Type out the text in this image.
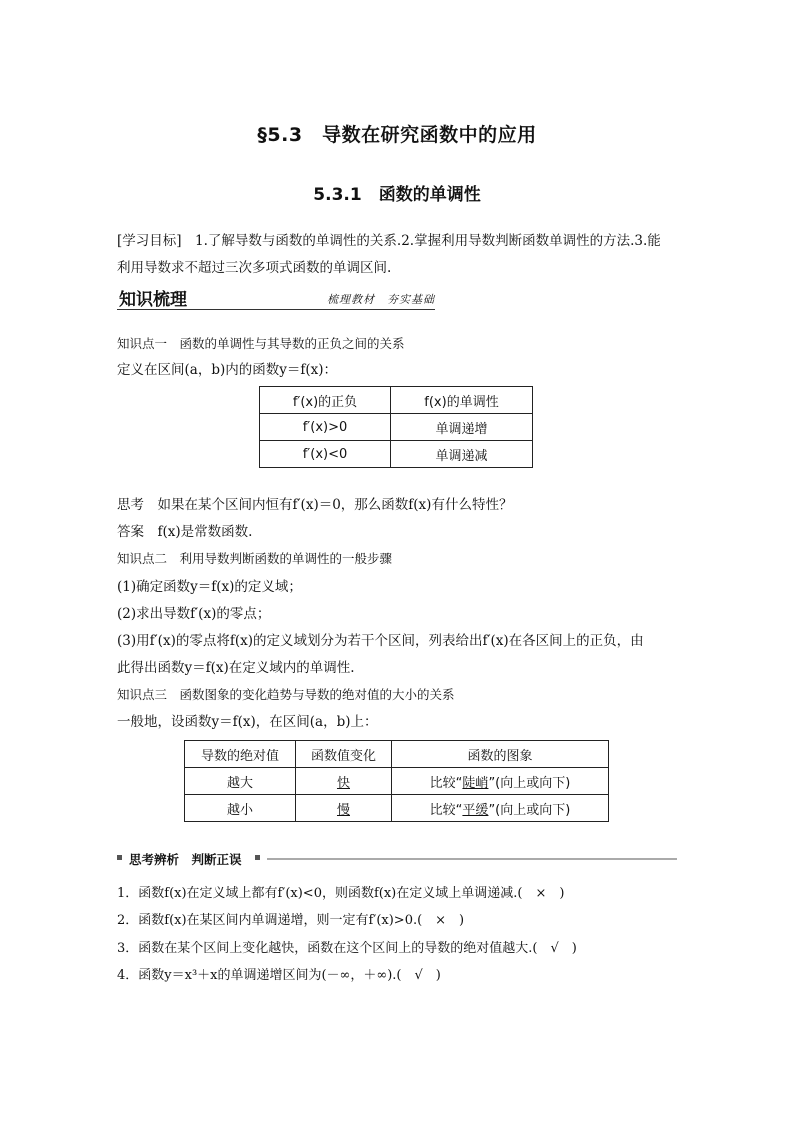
§5.3　导数在研究函数中的应用
5.3.1　函数的单调性
[学习目标]　1.了解导数与函数的单调性的关系.2.掌握利用导数判断函数单调性的方法.3.能
利用导数求不超过三次多项式函数的单调区间.
知识梳理	梳理教材　夯实基础
知识点一　函数的单调性与其导数的正负之间的关系
定义在区间(a，b)内的函数y＝f(x)：
f′(x)的正负	f(x)的单调性
f′(x)>0	单调递增
f′(x)<0	单调递减
思考　如果在某个区间内恒有f′(x)＝0，那么函数f(x)有什么特性？
答案　f(x)是常数函数.
知识点二　利用导数判断函数的单调性的一般步骤
(1)确定函数y＝f(x)的定义域；
(2)求出导数f′(x)的零点；
(3)用f′(x)的零点将f(x)的定义域划分为若干个区间，列表给出f′(x)在各区间上的正负，由
此得出函数y＝f(x)在定义域内的单调性.
知识点三　函数图象的变化趋势与导数的绝对值的大小的关系
一般地，设函数y＝f(x)，在区间(a，b)上：
导数的绝对值	函数值变化	函数的图象
越大	快	比较“陡峭”(向上或向下)
越小	慢	比较“平缓”(向上或向下)
思考辨析　判断正误
1．函数f(x)在定义域上都有f′(x)<0，则函数f(x)在定义域上单调递减.(　×　)
2．函数f(x)在某区间内单调递增，则一定有f′(x)>0.(　×　)
3．函数在某个区间上变化越快，函数在这个区间上的导数的绝对值越大.(　√　)
4．函数y＝x³＋x的单调递增区间为(－∞，＋∞).(　√　)
